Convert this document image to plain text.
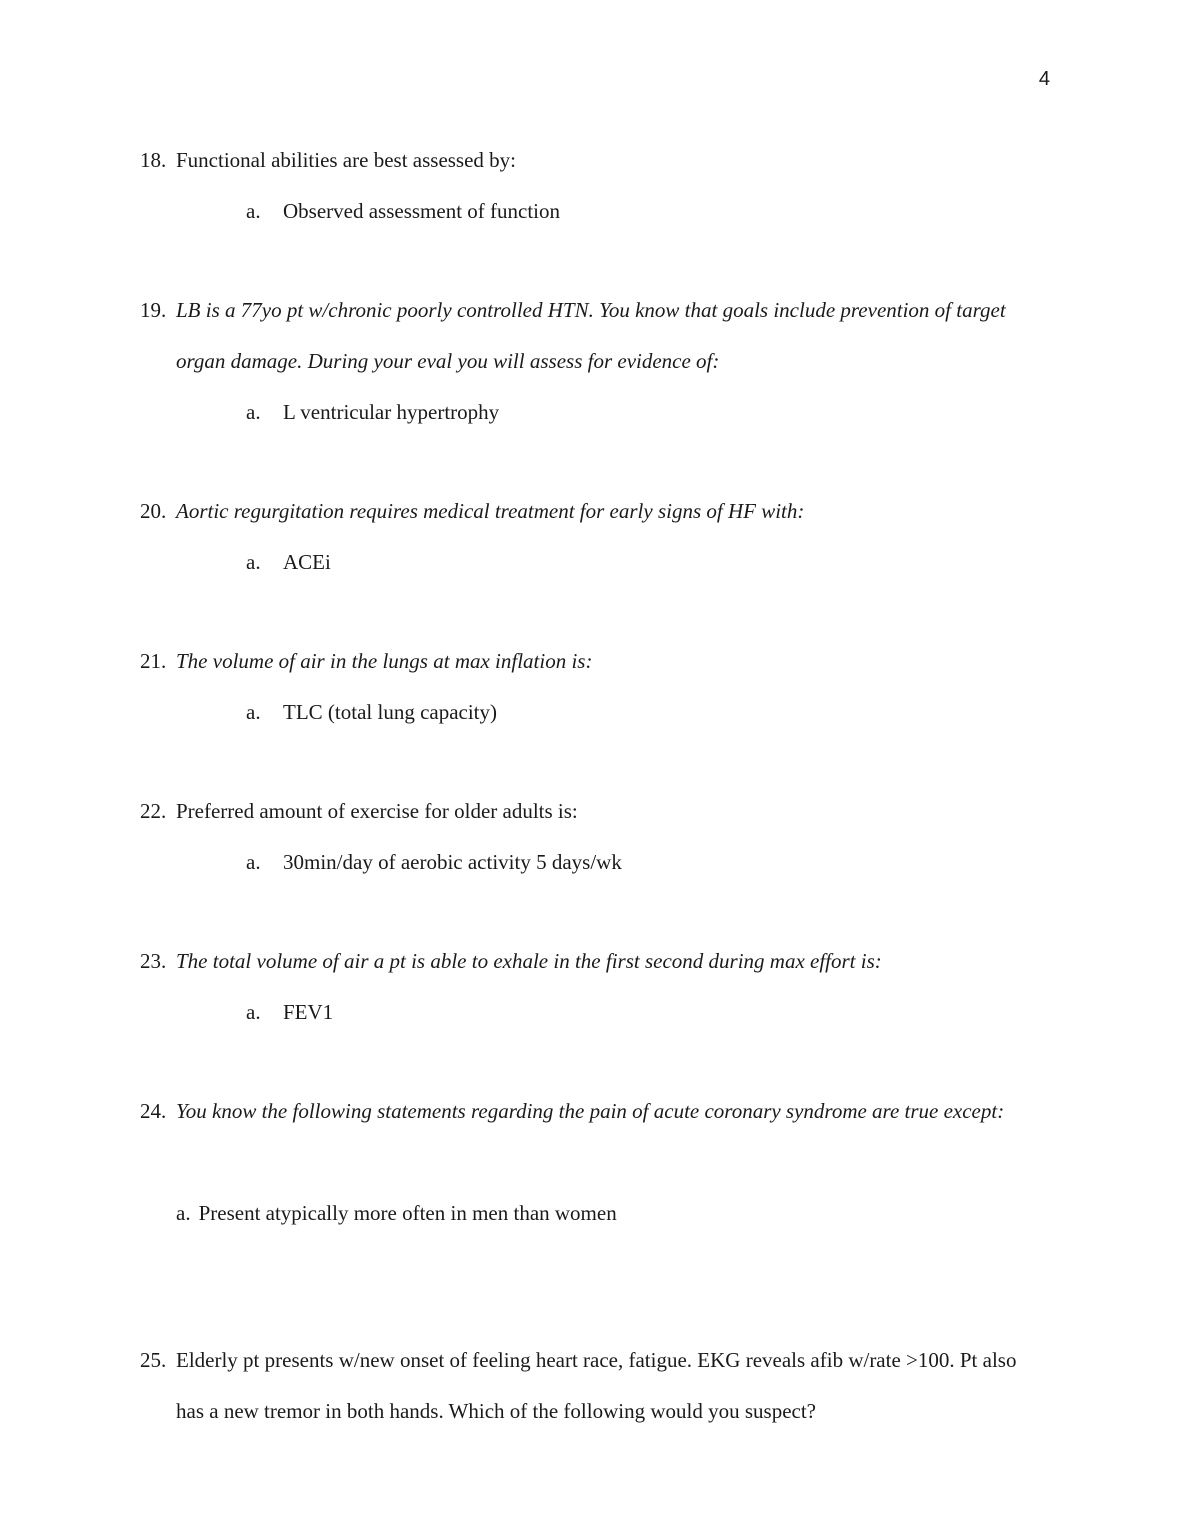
4
18. Functional abilities are best assessed by:
a.	Observed assessment of function
19. LB is a 77yo pt w/chronic poorly controlled HTN. You know that goals include prevention of target organ damage. During your eval you will assess for evidence of:
a.	L ventricular hypertrophy
20. Aortic regurgitation requires medical treatment for early signs of HF with:
a.	ACEi
21. The volume of air in the lungs at max inflation is:
a.	TLC (total lung capacity)
22. Preferred amount of exercise for older adults is:
a.	30min/day of aerobic activity 5 days/wk
23. The total volume of air a pt is able to exhale in the first second during max effort is:
a.	FEV1
24. You know the following statements regarding the pain of acute coronary syndrome are true except:
a. Present atypically more often in men than women
25. Elderly pt presents w/new onset of feeling heart race, fatigue. EKG reveals afib w/rate >100. Pt also has a new tremor in both hands. Which of the following would you suspect?
